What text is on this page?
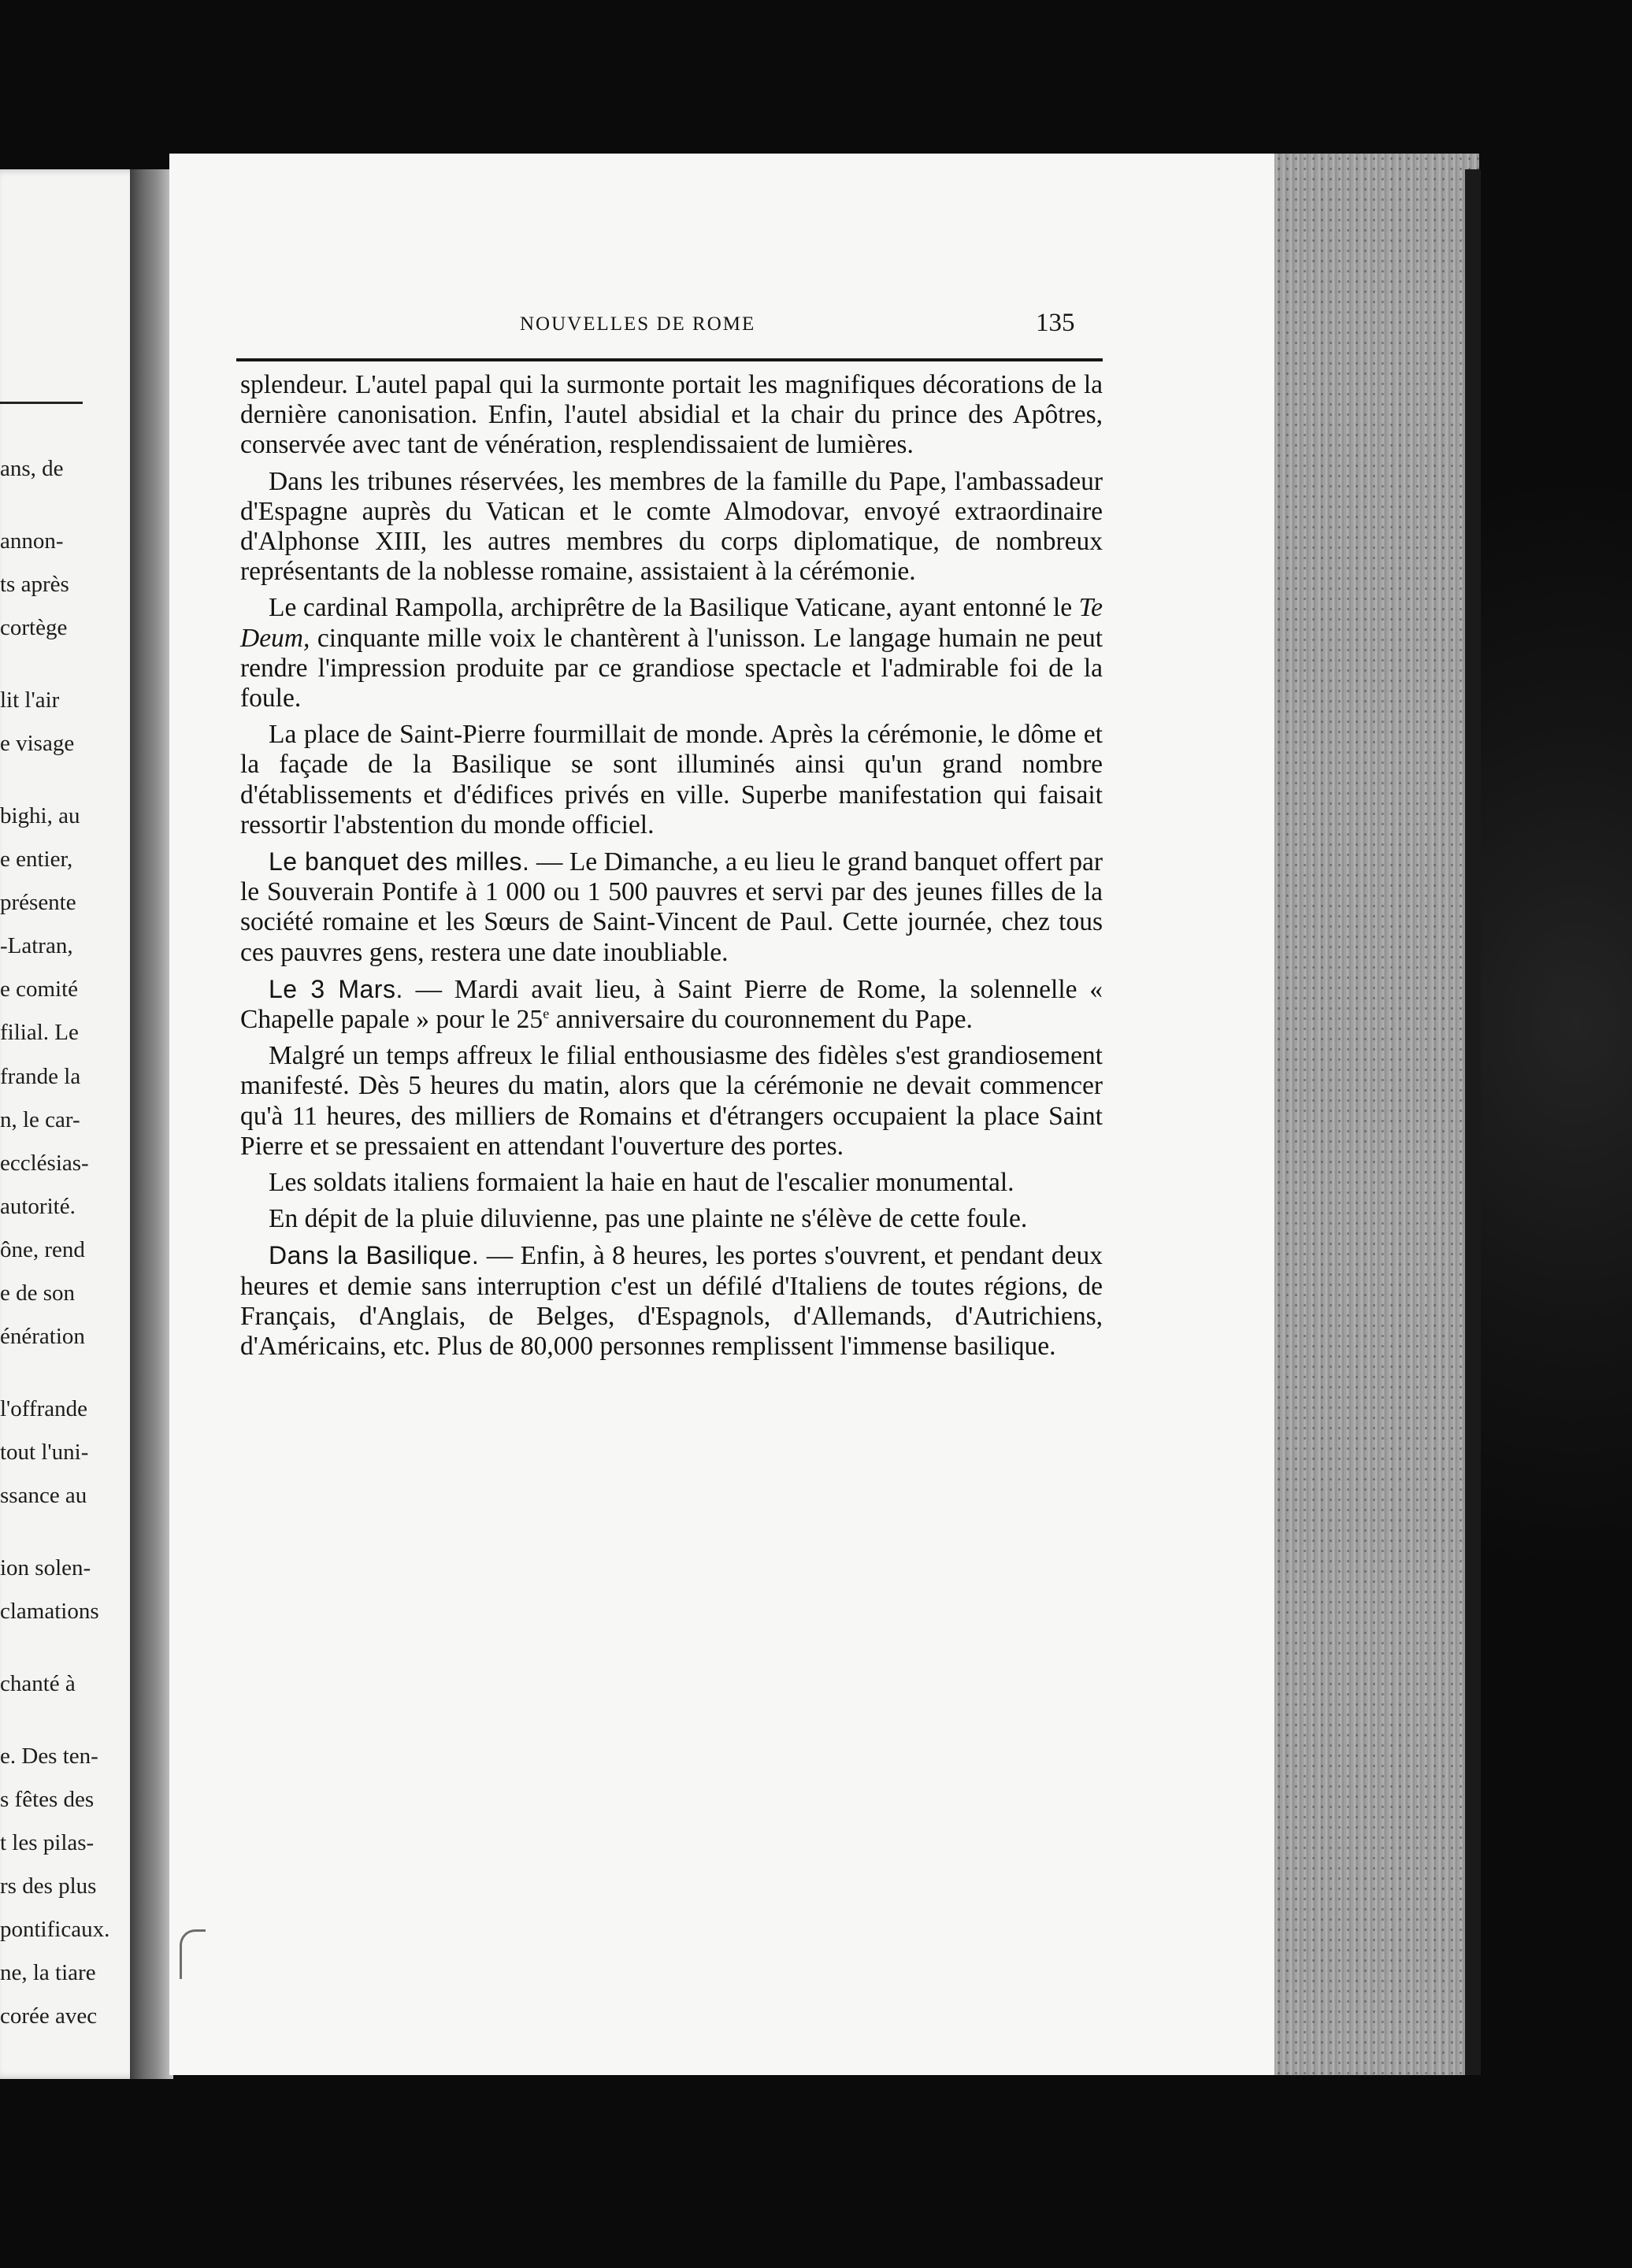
ans, de
annon-
ts après
cortège
lit l'air
e visage
bighi, au
e entier,
présente
-Latran,
e comité
filial. Le
frande la
n, le car-
ecclésias-
autorité.
ône, rend
e de son
énération
l'offrande
tout l'uni-
ssance au
ion solen-
clamations
chanté à
e. Des ten-
s fêtes des
t les pilas-
rs des plus
pontificaux.
ne, la tiare
corée avec
NOUVELLES DE ROME	135

splendeur. L'autel papal qui la surmonte portait les magnifiques décorations de la dernière canonisation. Enfin, l'autel absidial et la chair du prince des Apôtres, conservée avec tant de vénération, resplendissaient de lumières.

Dans les tribunes réservées, les membres de la famille du Pape, l'ambassadeur d'Espagne auprès du Vatican et le comte Almodovar, envoyé extraordinaire d'Alphonse XIII, les autres membres du corps diplomatique, de nombreux représentants de la noblesse romaine, assistaient à la cérémonie.

Le cardinal Rampolla, archiprêtre de la Basilique Vaticane, ayant entonné le Te Deum, cinquante mille voix le chantèrent à l'unisson. Le langage humain ne peut rendre l'impression produite par ce grandiose spectacle et l'admirable foi de la foule.

La place de Saint-Pierre fourmillait de monde. Après la cérémonie, le dôme et la façade de la Basilique se sont illuminés ainsi qu'un grand nombre d'établissements et d'édifices privés en ville. Superbe manifestation qui faisait ressortir l'abstention du monde officiel.

Le banquet des milles. — Le Dimanche, a eu lieu le grand banquet offert par le Souverain Pontife à 1 000 ou 1 500 pauvres et servi par des jeunes filles de la société romaine et les Sœurs de Saint-Vincent de Paul. Cette journée, chez tous ces pauvres gens, restera une date inoubliable.

Le 3 Mars. — Mardi avait lieu, à Saint Pierre de Rome, la solennelle « Chapelle papale » pour le 25e anniversaire du couronnement du Pape.

Malgré un temps affreux le filial enthousiasme des fidèles s'est grandiosement manifesté. Dès 5 heures du matin, alors que la cérémonie ne devait commencer qu'à 11 heures, des milliers de Romains et d'étrangers occupaient la place Saint Pierre et se pressaient en attendant l'ouverture des portes.

Les soldats italiens formaient la haie en haut de l'escalier monumental.

En dépit de la pluie diluvienne, pas une plainte ne s'élève de cette foule.

Dans la Basilique. — Enfin, à 8 heures, les portes s'ouvrent, et pendant deux heures et demie sans interruption c'est un défilé d'Italiens de toutes régions, de Français, d'Anglais, de Belges, d'Espagnols, d'Allemands, d'Autrichiens, d'Américains, etc. Plus de 80,000 personnes remplissent l'immense basilique.
